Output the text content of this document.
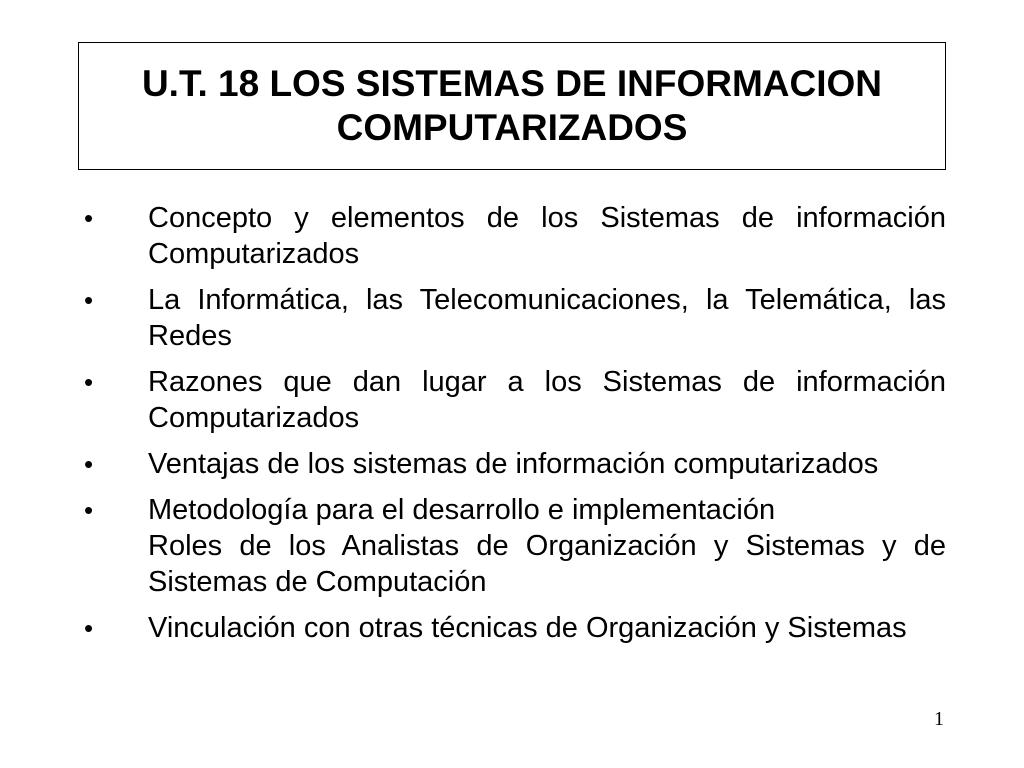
U.T. 18 LOS SISTEMAS DE INFORMACION COMPUTARIZADOS
• Concepto y elementos de los Sistemas de información Computarizados
• La Informática, las Telecomunicaciones, la Telemática, las Redes
• Razones que dan lugar a los Sistemas de información Computarizados
• Ventajas de los sistemas de información computarizados
• Metodología para el desarrollo e implementación
Roles de los Analistas de Organización y Sistemas y de Sistemas de Computación
• Vinculación con otras técnicas de Organización y Sistemas
1
